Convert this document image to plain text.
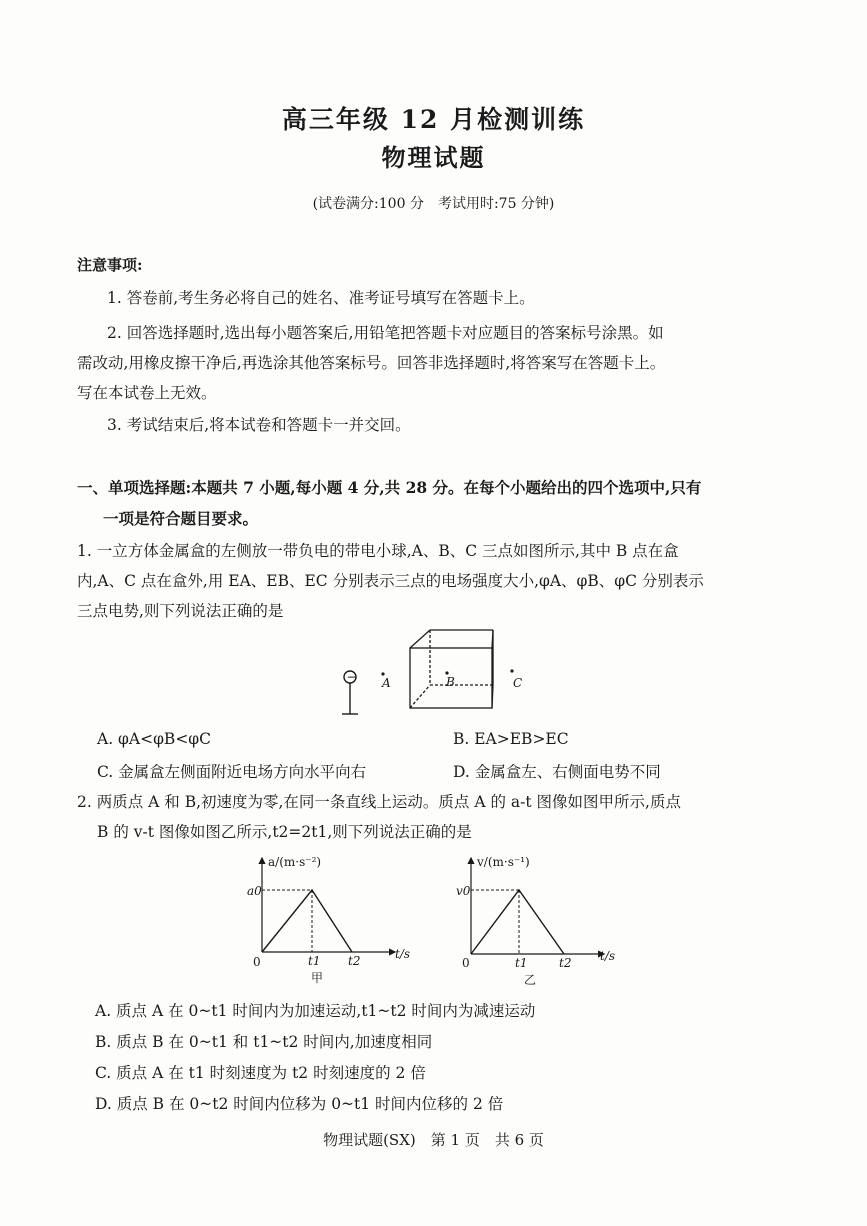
高三年级 12 月检测训练
物理试题
(试卷满分:100 分　考试用时:75 分钟)
注意事项:
1. 答卷前,考生务必将自己的姓名、准考证号填写在答题卡上。
2. 回答选择题时,选出每小题答案后,用铅笔把答题卡对应题目的答案标号涂黑。如
需改动,用橡皮擦干净后,再选涂其他答案标号。回答非选择题时,将答案写在答题卡上。
写在本试卷上无效。
3. 考试结束后,将本试卷和答题卡一并交回。
一、单项选择题:本题共 7 小题,每小题 4 分,共 28 分。在每个小题给出的四个选项中,只有
一项是符合题目要求。
1. 一立方体金属盒的左侧放一带负电的带电小球,A、B、C 三点如图所示,其中 B 点在盒
内,A、C 点在盒外,用 EA、EB、EC 分别表示三点的电场强度大小,φA、φB、φC 分别表示
三点电势,则下列说法正确的是
− A	B	C
A. φA<φB<φC	B. EA>EB>EC
C. 金属盒左侧面附近电场方向水平向右	D. 金属盒左、右侧面电势不同
2. 两质点 A 和 B,初速度为零,在同一条直线上运动。质点 A 的 a-t 图像如图甲所示,质点
B 的 v-t 图像如图乙所示,t2=2t1,则下列说法正确的是
a/(m·s⁻²)
a0
0	t1 t2	t/s
甲
v/(m·s⁻¹)
v0
0	t1	t2 t/s
乙
A. 质点 A 在 0~t1 时间内为加速运动,t1~t2 时间内为减速运动
B. 质点 B 在 0~t1 和 t1~t2 时间内,加速度相同
C. 质点 A 在 t1 时刻速度为 t2 时刻速度的 2 倍
D. 质点 B 在 0~t2 时间内位移为 0~t1 时间内位移的 2 倍
物理试题(SX)　第 1 页　共 6 页
